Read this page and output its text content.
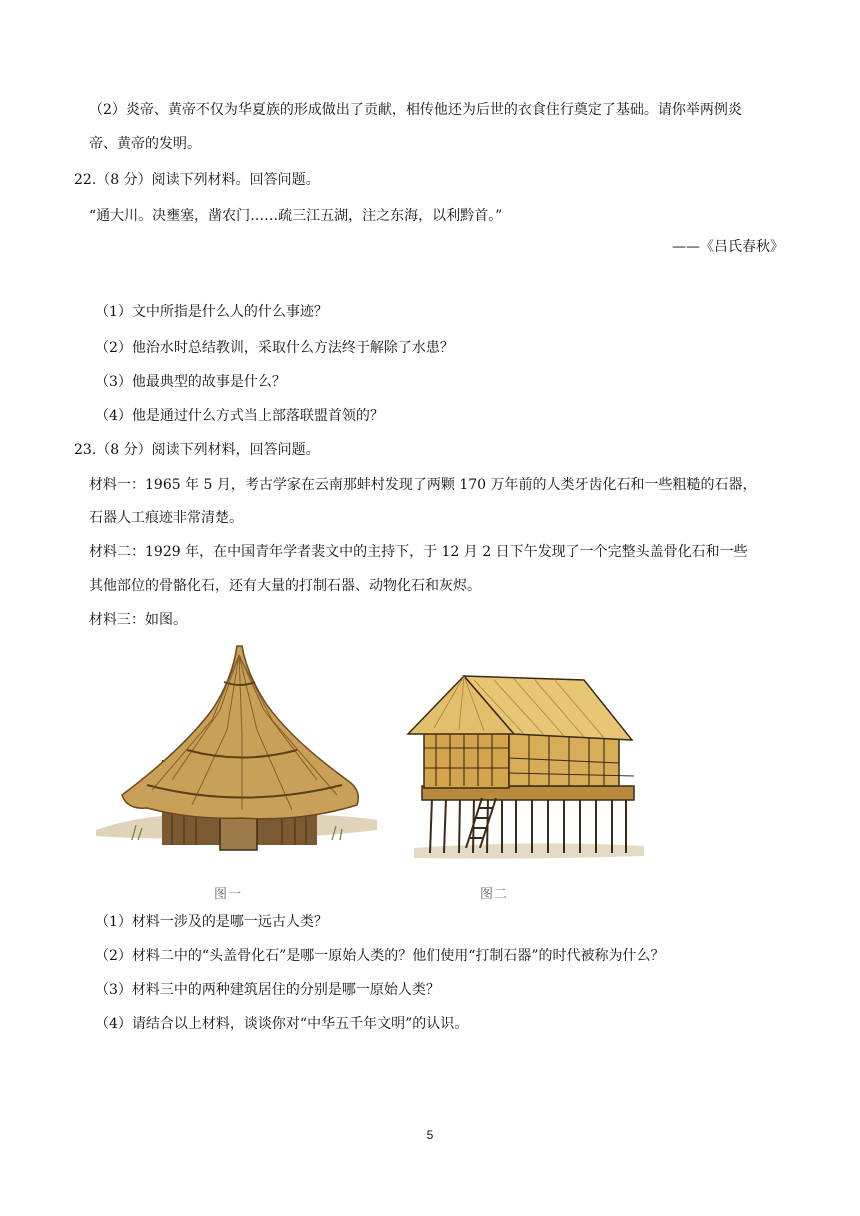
（2）炎帝、黄帝不仅为华夏族的形成做出了贡献，相传他还为后世的衣食住行奠定了基础。请你举两例炎
帝、黄帝的发明。
22.（8 分）阅读下列材料。回答问题。
“通大川。决壅塞，凿农门……疏三江五湖，注之东海，以利黔首。”
——《吕氏春秋》
（1）文中所指是什么人的什么事迹？
（2）他治水时总结教训，采取什么方法终于解除了水患？
（3）他最典型的故事是什么？
（4）他是通过什么方式当上部落联盟首领的？
23.（8 分）阅读下列材料，回答问题。
材料一：1965 年 5 月，考古学家在云南那蚌村发现了两颗 170 万年前的人类牙齿化石和一些粗糙的石器，
石器人工痕迹非常清楚。
材料二：1929 年，在中国青年学者裴文中的主持下，于 12 月 2 日下午发现了一个完整头盖骨化石和一些
其他部位的骨骼化石，还有大量的打制石器、动物化石和灰烬。
材料三：如图。
图一	图二
（1）材料一涉及的是哪一远古人类？
（2）材料二中的“头盖骨化石”是哪一原始人类的？他们使用“打制石器”的时代被称为什么？
（3）材料三中的两种建筑居住的分别是哪一原始人类？
（4）请结合以上材料，谈谈你对“中华五千年文明”的认识。
5
